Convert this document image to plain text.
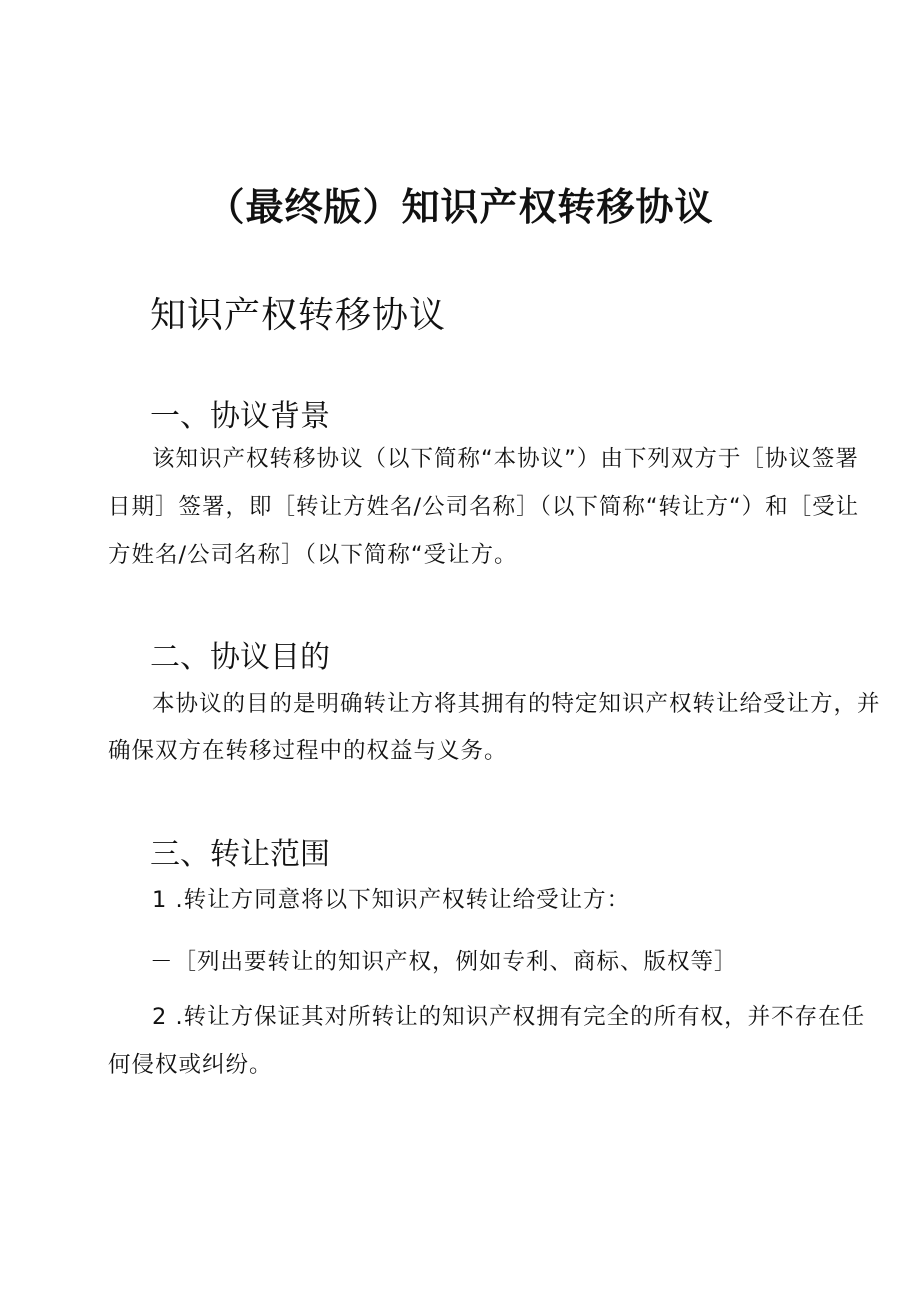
（最终版）知识产权转移协议
知识产权转移协议
一、协议背景
该知识产权转移协议（以下简称“本协议”）由下列双方于［协议签署
日期］签署，即［转让方姓名/公司名称］（以下简称“转让方“）和［受让
方姓名/公司名称］（以下简称“受让方。
二、协议目的
本协议的目的是明确转让方将其拥有的特定知识产权转让给受让方，并
确保双方在转移过程中的权益与义务。
三、转让范围
1 .转让方同意将以下知识产权转让给受让方：
－［列出要转让的知识产权，例如专利、商标、版权等］
2 .转让方保证其对所转让的知识产权拥有完全的所有权，并不存在任
何侵权或纠纷。
